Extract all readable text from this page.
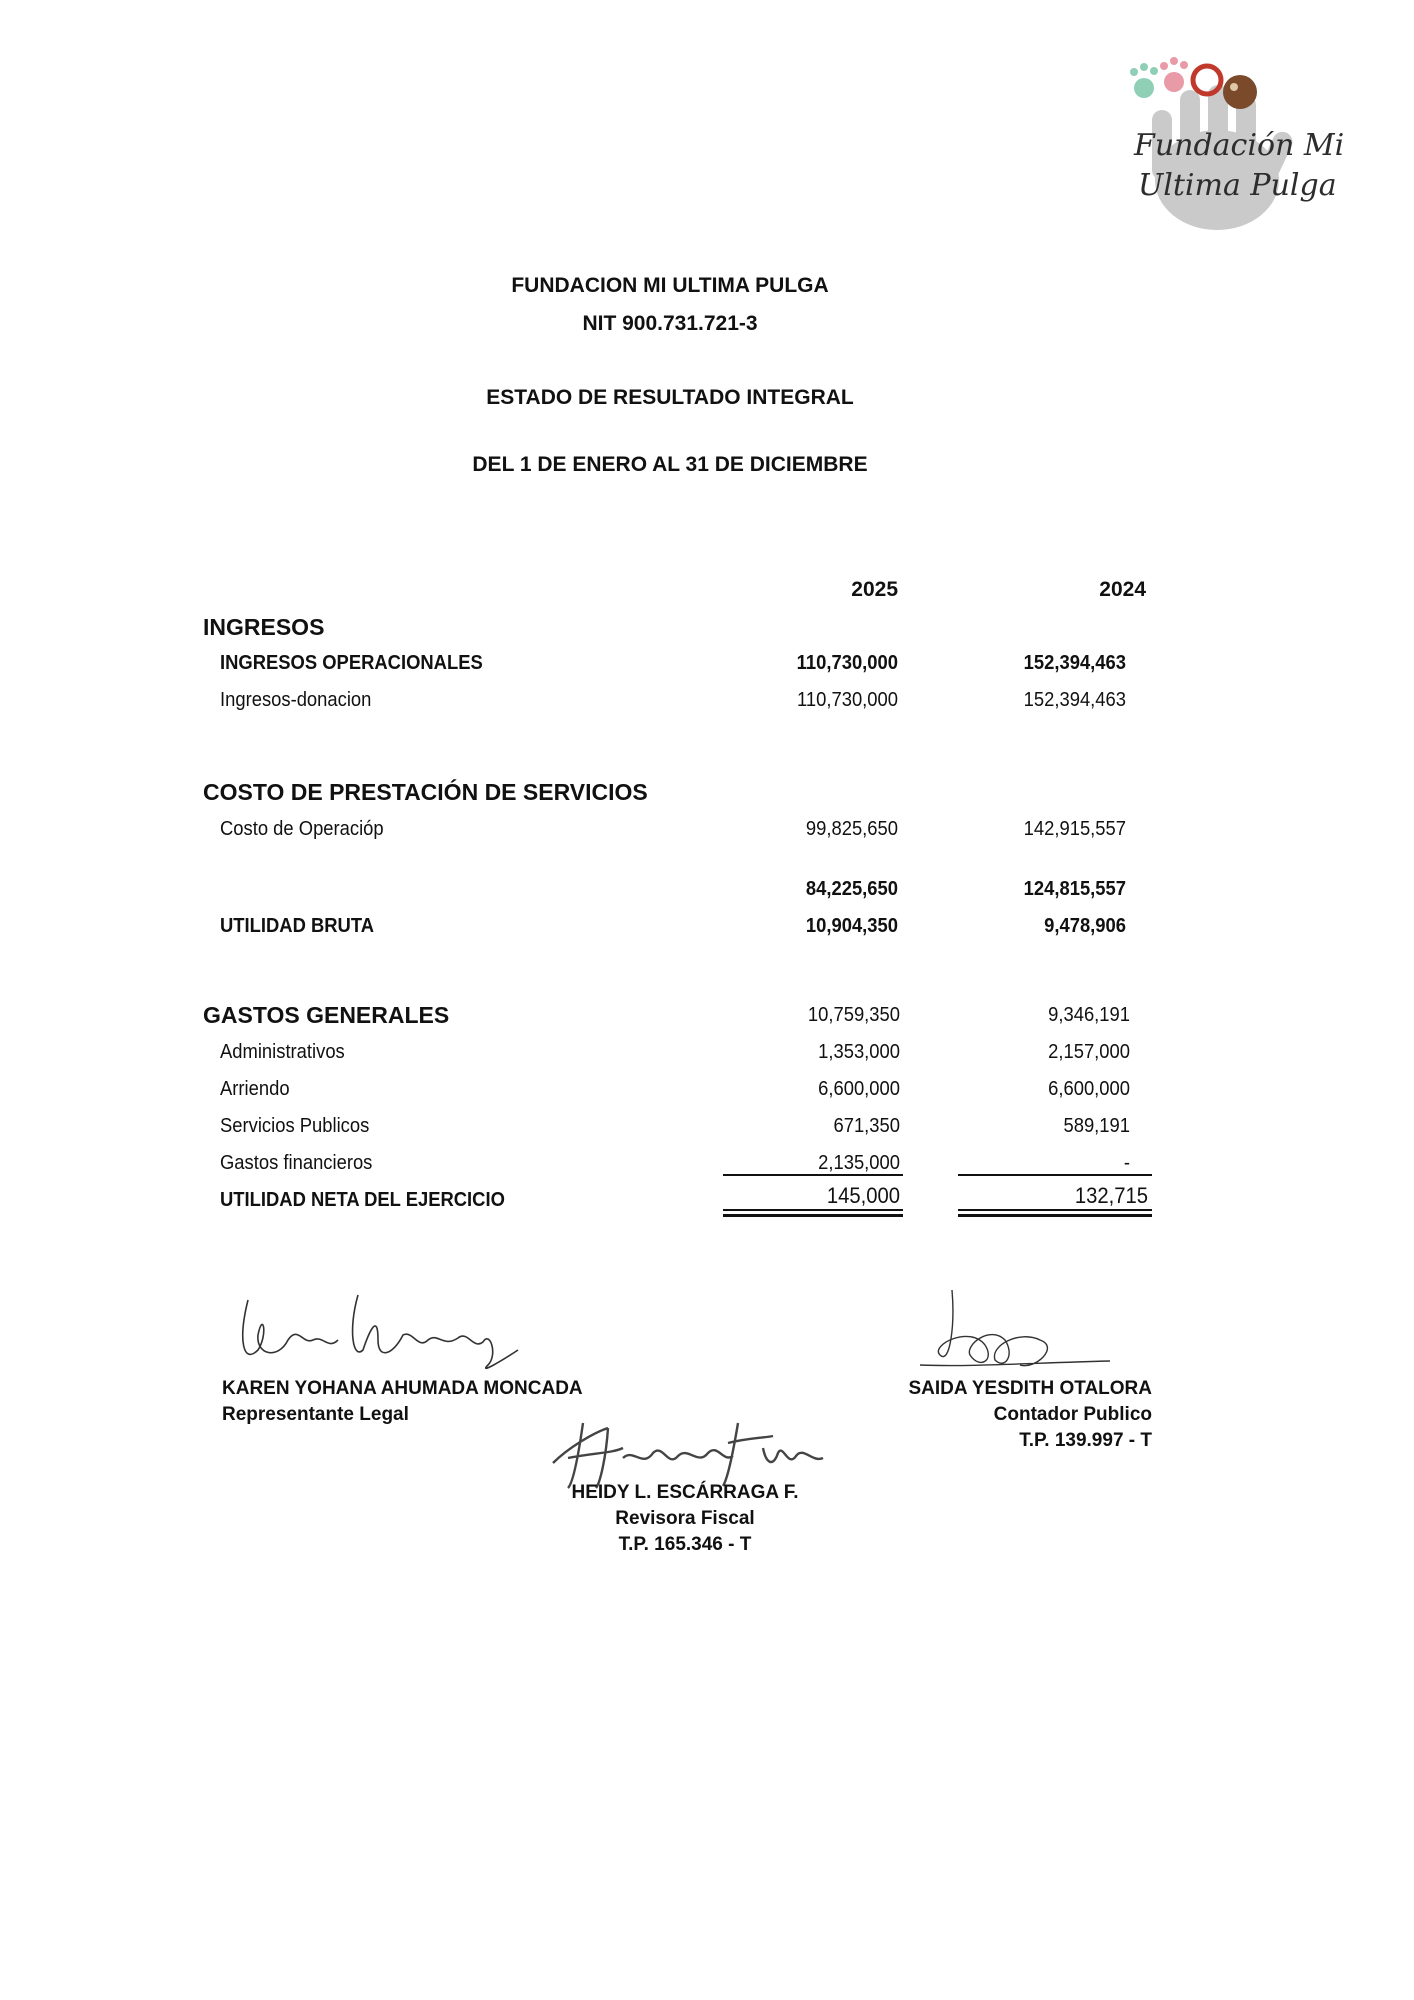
Fundación Mi
Ultima Pulga
FUNDACION MI ULTIMA PULGA
NIT 900.731.721-3
ESTADO DE RESULTADO INTEGRAL
DEL 1 DE ENERO AL 31 DE DICIEMBRE
2025	2024
INGRESOS
INGRESOS OPERACIONALES	110,730,000	152,394,463
Ingresos-donacion	110,730,000	152,394,463
COSTO DE PRESTACIÓN DE SERVICIOS
Costo de Operacióp	99,825,650	142,915,557
84,225,650	124,815,557
UTILIDAD BRUTA	10,904,350	9,478,906
GASTOS GENERALES	10,759,350	9,346,191
Administrativos	1,353,000	2,157,000
Arriendo	6,600,000	6,600,000
Servicios Publicos	671,350	589,191
Gastos financieros	2,135,000	-
UTILIDAD NETA DEL EJERCICIO	145,000	132,715
KAREN YOHANA AHUMADA MONCADA
Representante Legal
SAIDA YESDITH OTALORA
Contador Publico
T.P. 139.997 - T
HEIDY L. ESCÁRRAGA F.
Revisora Fiscal
T.P. 165.346 - T
